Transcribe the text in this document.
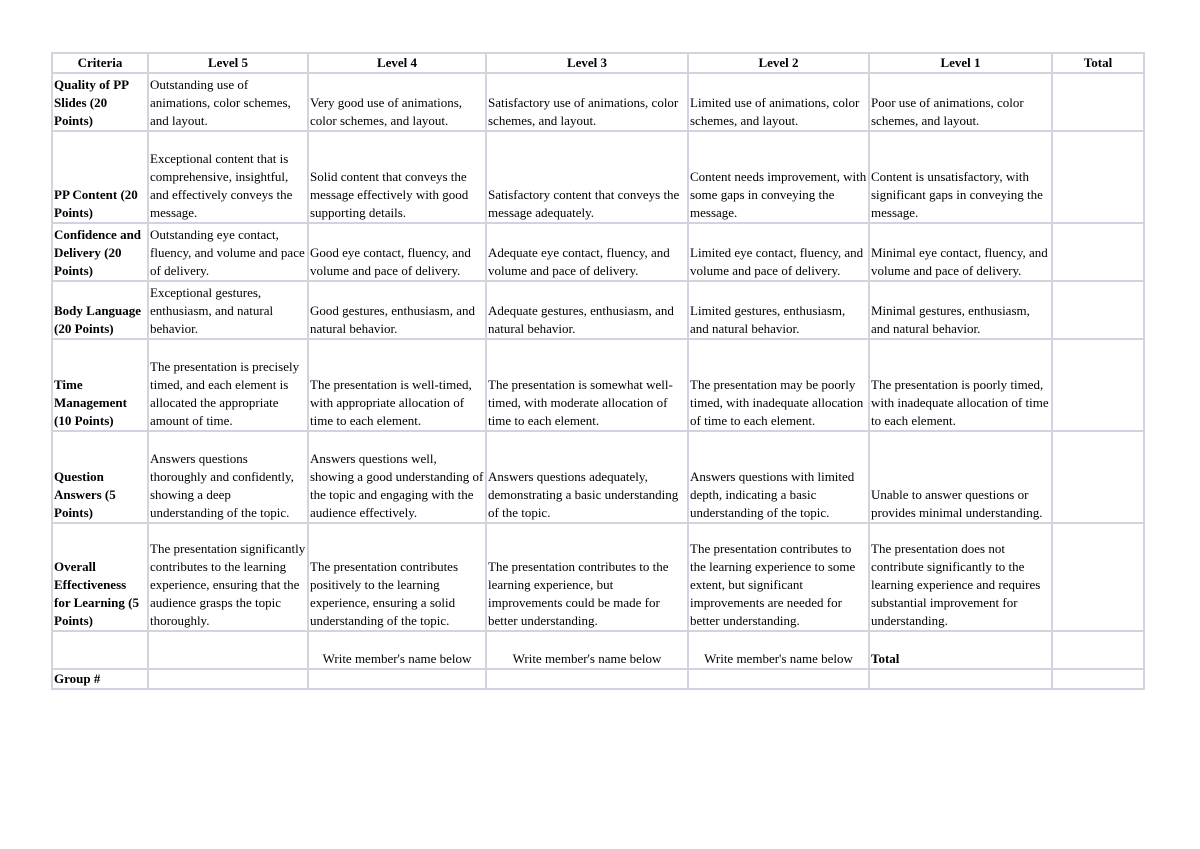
Criteria	Level 5	Level 4	Level 3	Level 2	Level 1	Total
Quality of PP Slides (20 Points)	Outstanding use of animations, color schemes, and layout.	Very good use of animations, color schemes, and layout.	Satisfactory use of animations, color schemes, and layout.	Limited use of animations, color schemes, and layout.	Poor use of animations, color schemes, and layout.	
PP Content (20 Points)	Exceptional content that is comprehensive, insightful, and effectively conveys the message.	Solid content that conveys the message effectively with good supporting details.	Satisfactory content that conveys the message adequately.	Content needs improvement, with some gaps in conveying the message.	Content is unsatisfactory, with significant gaps in conveying the message.	
Confidence and Delivery (20 Points)	Outstanding eye contact, fluency, and volume and pace of delivery.	Good eye contact, fluency, and volume and pace of delivery.	Adequate eye contact, fluency, and volume and pace of delivery.	Limited eye contact, fluency, and volume and pace of delivery.	Minimal eye contact, fluency, and volume and pace of delivery.	
Body Language (20 Points)	Exceptional gestures, enthusiasm, and natural behavior.	Good gestures, enthusiasm, and natural behavior.	Adequate gestures, enthusiasm, and natural behavior.	Limited gestures, enthusiasm, and natural behavior.	Minimal gestures, enthusiasm, and natural behavior.	
Time Management (10 Points)	The presentation is precisely timed, and each element is allocated the appropriate amount of time.	The presentation is well-timed, with appropriate allocation of time to each element.	The presentation is somewhat well-timed, with moderate allocation of time to each element.	The presentation may be poorly timed, with inadequate allocation of time to each element.	The presentation is poorly timed, with inadequate allocation of time to each element.	
Question Answers (5 Points)	Answers questions thoroughly and confidently, showing a deep understanding of the topic.	Answers questions well, showing a good understanding of the topic and engaging with the audience effectively.	Answers questions adequately, demonstrating a basic understanding of the topic.	Answers questions with limited depth, indicating a basic understanding of the topic.	Unable to answer questions or provides minimal understanding.	
Overall Effectiveness for Learning (5 Points)	The presentation significantly contributes to the learning experience, ensuring that the audience grasps the topic thoroughly.	The presentation contributes positively to the learning experience, ensuring a solid understanding of the topic.	The presentation contributes to the learning experience, but improvements could be made for better understanding.	The presentation contributes to the learning experience to some extent, but significant improvements are needed for better understanding.	The presentation does not contribute significantly to the learning experience and requires substantial improvement for understanding.	
		Write member's name below	Write member's name below	Write member's name below	Total	
Group #						
